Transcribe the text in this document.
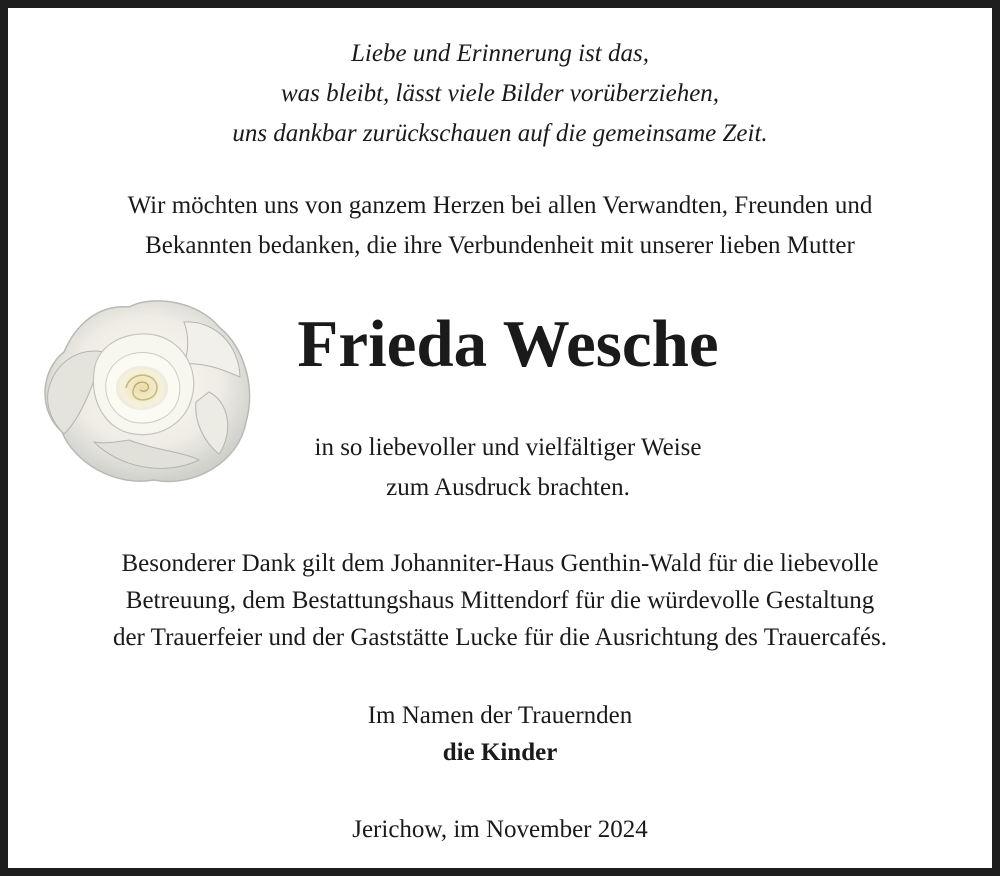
Liebe und Erinnerung ist das,
was bleibt, lässt viele Bilder vorüberziehen,
uns dankbar zurückschauen auf die gemeinsame Zeit.
Wir möchten uns von ganzem Herzen bei allen Verwandten, Freunden und
Bekannten bedanken, die ihre Verbundenheit mit unserer lieben Mutter
Frieda Wesche
in so liebevoller und vielfältiger Weise
zum Ausdruck brachten.
Besonderer Dank gilt dem Johanniter-Haus Genthin-Wald für die liebevolle
Betreuung, dem Bestattungshaus Mittendorf für die würdevolle Gestaltung
der Trauerfeier und der Gaststätte Lucke für die Ausrichtung des Trauercafés.
Im Namen der Trauernden
die Kinder
Jerichow, im November 2024
